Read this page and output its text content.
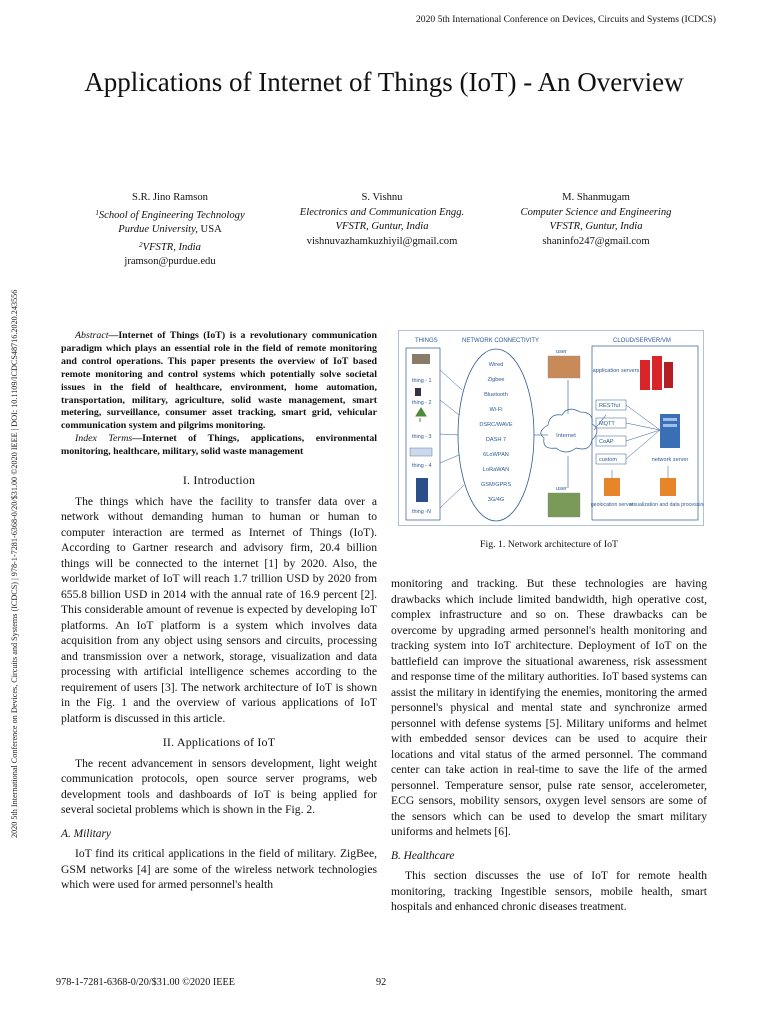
2020 5th International Conference on Devices, Circuits and Systems (ICDCS)
2020 5th International Conference on Devices, Circuits and Systems (ICDCS) | 978-1-7281-6368-0/20/$31.00 ©2020 IEEE | DOI: 10.1109/ICDCS48716.2020.243556
Applications of Internet of Things (IoT) - An Overview
S.R. Jino Ramson
$^1$School of Engineering Technology
Purdue University, USA
$^2$VFSTR, India
jramson@purdue.edu
S. Vishnu
Electronics and Communication Engg.
VFSTR, Guntur, India
vishnuvazhamkuzhiyil@gmail.com
M. Shanmugam
Computer Science and Engineering
VFSTR, Guntur, India
shaninfo247@gmail.com

Abstract—Internet of Things (IoT) is a revolutionary communication paradigm which plays an essential role in the field of remote monitoring and control operations. This paper presents the overview of IoT based remote monitoring and control systems which potentially solve societal issues in the field of healthcare, environment, home automation, transportation, military, agriculture, solid waste management, smart metering, surveillance, consumer asset tracking, smart grid, vehicular communication system and pilgrims monitoring.

Index Terms—Internet of Things, applications, environmental monitoring, healthcare, military, solid waste management

I. Introduction

The things which have the facility to transfer data over a network without demanding human to human or human to computer interaction are termed as Internet of Things (IoT). According to Gartner research and advisory firm, 20.4 billion things will be connected to the internet [1] by 2020. Also, the worldwide market of IoT will reach 1.7 trillion USD by 2020 from 655.8 billion USD in 2014 with the annual rate of 16.9 percent [2]. This considerable amount of revenue is expected by developing IoT platforms. An IoT platform is a system which involves data acquisition from any object using sensors and circuits, processing and transmission over a network, storage, visualization and data processing with artificial intelligence schemes according to the requirement of users [3]. The network architecture of IoT is shown in the Fig. 1 and the overview of various applications of IoT platform is discussed in this article.

II. Applications of IoT

The recent advancement in sensors development, light weight communication protocols, open source server programs, web development tools and dashboards of IoT is being applied for several societal problems which is shown in the Fig. 2.

A. Military

IoT find its critical applications in the field of military. ZigBee, GSM networks [4] are some of the wireless network technologies which were used for armed personnel's health

THINGS	NETWORK CONNECTIVITY	CLOUD/SERVER/VM
thing - 1
thing - 2
thing - 3
thing - 4
thing -N
Wired
Zigbee
Bluetooth
Wi-Fi
DSRC/WAVE
DASH 7
6LoWPAN
LoRaWAN
GSM/GPRS
3G/4G
Internet
user
user
application servers
RESTful
MQTT
CoAP
custom	network server
geolocation server
visualization and data processing
Fig. 1. Network architecture of IoT

monitoring and tracking. But these technologies are having drawbacks which include limited bandwidth, high operative cost, complex infrastructure and so on. These drawbacks can be overcome by upgrading armed personnel's health monitoring and tracking system into IoT architecture. Deployment of IoT on the battlefield can improve the situational awareness, risk assessment and response time of the military authorities. IoT based systems can assist the military in identifying the enemies, monitoring the armed personnel's physical and mental state and synchronize armed personnel with defense systems [5]. Military uniforms and helmet with embedded sensor devices can be used to acquire their locations and vital status of the armed personnel. The command center can take action in real-time to save the life of the armed personnel. Temperature sensor, pulse rate sensor, accelerometer, ECG sensors, mobility sensors, oxygen level sensors are some of the sensors which can be used to develop the smart military uniforms and helmets [6].

B. Healthcare

This section discusses the use of IoT for remote health monitoring, tracking Ingestible sensors, mobile health, smart hospitals and enhanced chronic diseases treatment.

978-1-7281-6368-0/20/$31.00 ©2020 IEEE	92
